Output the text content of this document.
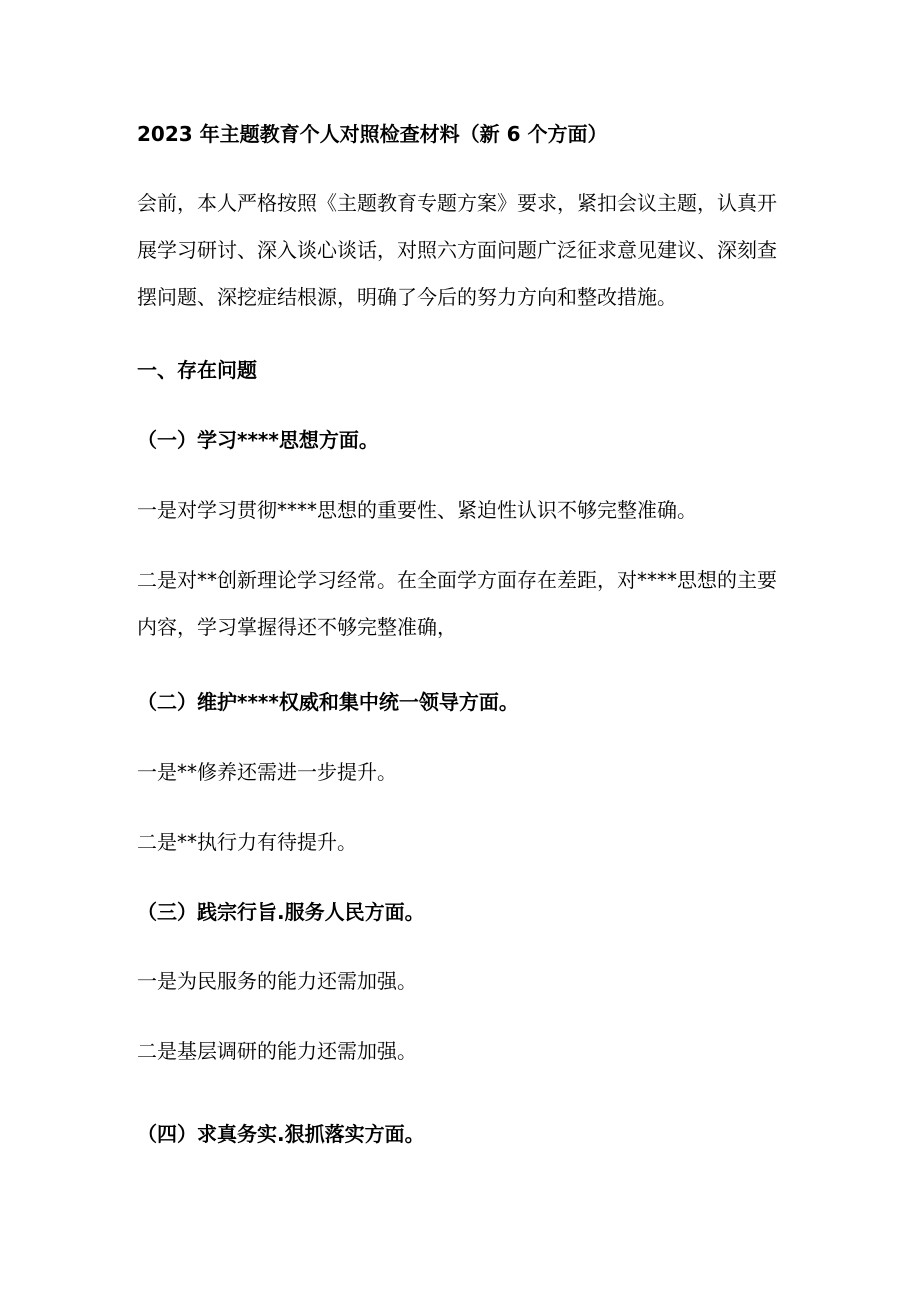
2023 年主题教育个人对照检查材料（新 6 个方面）
会前，本人严格按照《主题教育专题方案》要求，紧扣会议主题，认真开
展学习研讨、深入谈心谈话，对照六方面问题广泛征求意见建议、深刻查
摆问题、深挖症结根源，明确了今后的努力方向和整改措施。
一、存在问题
（一）学习****思想方面。
一是对学习贯彻****思想的重要性、紧迫性认识不够完整准确。
二是对**创新理论学习经常。在全面学方面存在差距，对****思想的主要
内容，学习掌握得还不够完整准确，
（二）维护****权威和集中统一领导方面。
一是**修养还需进一步提升。
二是**执行力有待提升。
（三）践宗行旨.服务人民方面。
一是为民服务的能力还需加强。
二是基层调研的能力还需加强。
（四）求真务实.狠抓落实方面。
